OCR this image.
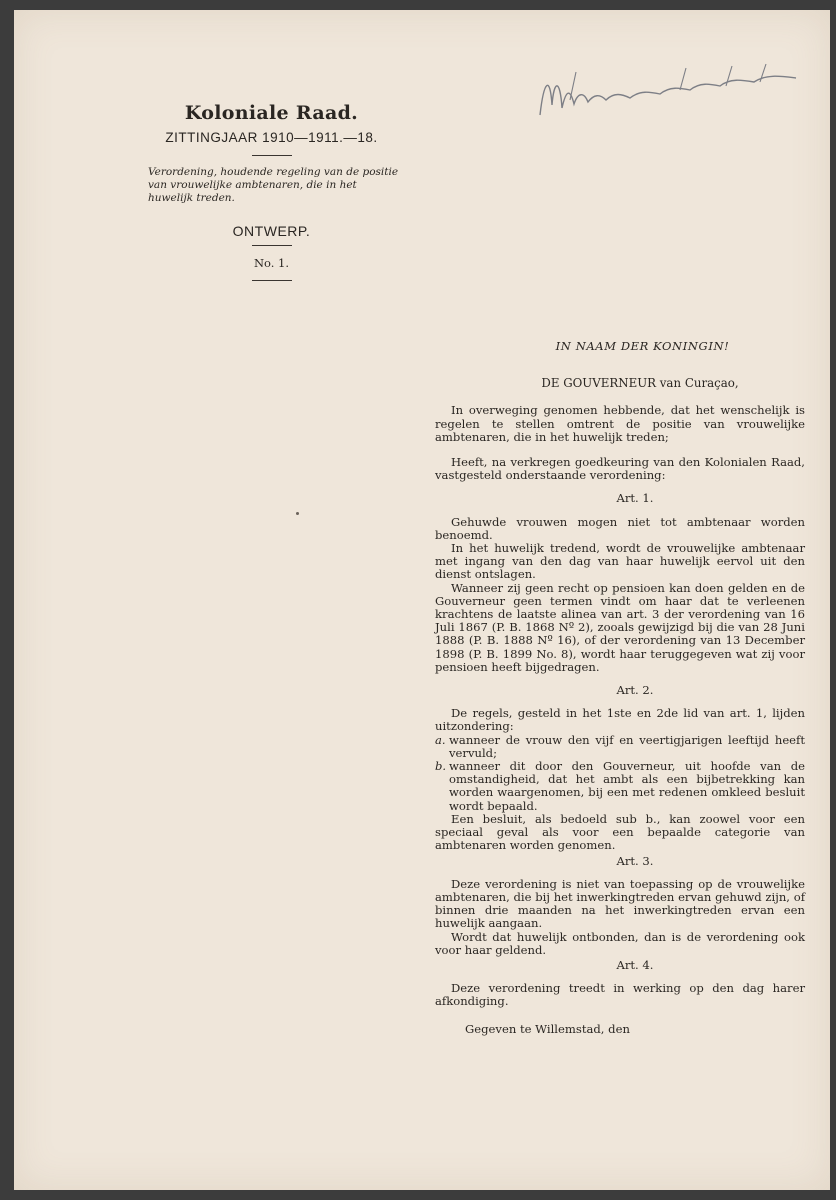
Koloniale Raad.
ZITTINGJAAR 1910—1911.—18.
Verordening, houdende regeling van de positie van vrouwelijke ambtenaren, die in het huwelijk treden.
ONTWERP.
No. 1.
IN NAAM DER KONINGIN!
DE GOUVERNEUR van Curaçao,

In overweging genomen hebbende, dat het wenschelijk is regelen te stellen omtrent de positie van vrouwelijke ambtenaren, die in het huwelijk treden;

Heeft, na verkregen goedkeuring van den Kolonialen Raad, vastgesteld onderstaande verordening:

Art. 1.

Gehuwde vrouwen mogen niet tot ambtenaar worden benoemd.

In het huwelijk tredend, wordt de vrouwelijke ambtenaar met ingang van den dag van haar huwelijk eervol uit den dienst ontslagen.

Wanneer zij geen recht op pensioen kan doen gelden en de Gouverneur geen termen vindt om haar dat te verleenen krachtens de laatste alinea van art. 3 der verordening van 16 Juli 1867 (P. B. 1868 Nº 2), zooals gewijzigd bij die van 28 Juni 1888 (P. B. 1888 Nº 16), of der verordening van 13 December 1898 (P. B. 1899 No. 8), wordt haar teruggegeven wat zij voor pensioen heeft bijgedragen.

Art. 2.

De regels, gesteld in het 1ste en 2de lid van art. 1, lijden uitzondering:

a. wanneer de vrouw den vijf en veertigjarigen leeftijd heeft vervuld;
b. wanneer dit door den Gouverneur, uit hoofde van de omstandigheid, dat het ambt als een bijbetrekking kan worden waargenomen, bij een met redenen omkleed besluit wordt bepaald.

Een besluit, als bedoeld sub b., kan zoowel voor een speciaal geval als voor een bepaalde categorie van ambtenaren worden genomen.

Art. 3.

Deze verordening is niet van toepassing op de vrouwelijke ambtenaren, die bij het inwerkingtreden ervan gehuwd zijn, of binnen drie maanden na het inwerkingtreden ervan een huwelijk aangaan.

Wordt dat huwelijk ontbonden, dan is de verordening ook voor haar geldend.

Art. 4.

Deze verordening treedt in werking op den dag harer afkondiging.

Gegeven te Willemstad, den
